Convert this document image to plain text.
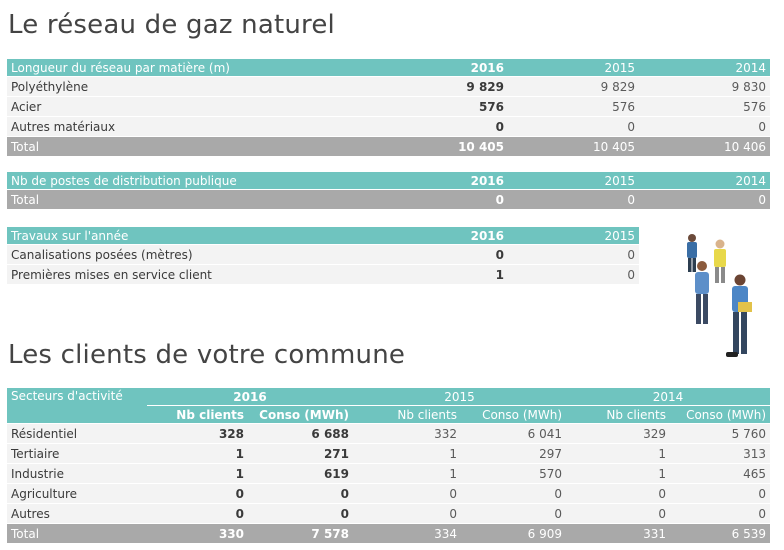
Le réseau de gaz naturel
Longueur du réseau par matière (m)	2016	2015	2014
Polyéthylène	9 829	9 829	9 830
Acier	576	576	576
Autres matériaux	0	0	0
Total	10 405	10 405	10 406
Nb de postes de distribution publique	2016	2015	2014
Total	0	0	0
Travaux sur l'année	2016	2015
Canalisations posées (mètres)	0	0
Premières mises en service client	1	0
Les clients de votre commune
Secteurs d'activité	2016		2015		2014	
	Nb clients	Conso (MWh)	Nb clients	Conso (MWh)	Nb clients	Conso (MWh)
Résidentiel	328	6 688	332	6 041	329	5 760
Tertiaire	1	271	1	297	1	313
Industrie	1	619	1	570	1	465
Agriculture	0	0	0	0	0	0
Autres	0	0	0	0	0	0
Total	330	7 578	334	6 909	331	6 539
